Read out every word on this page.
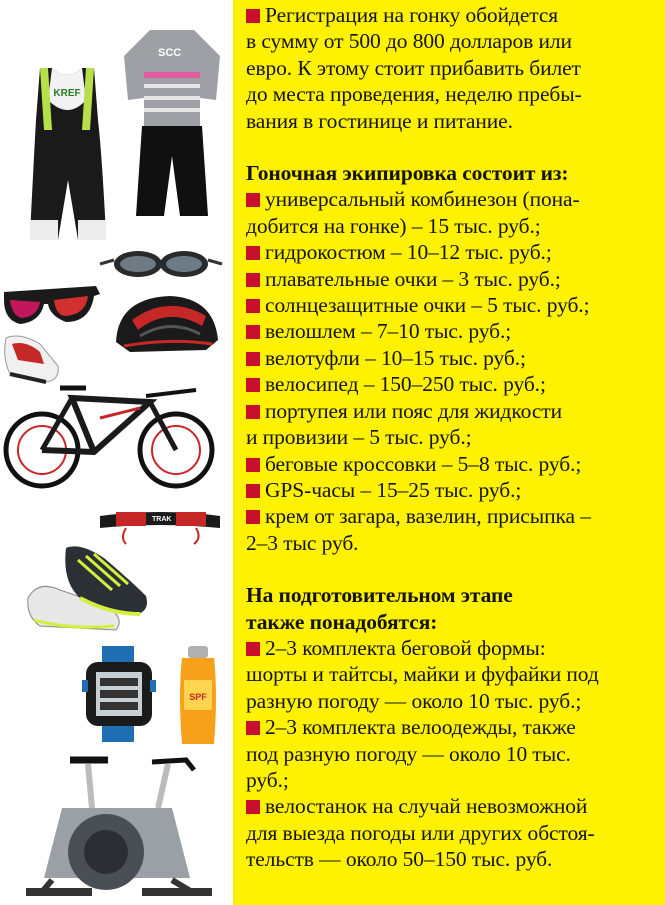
KREF
SCC
TRAK
SPF

Регистрация на гонку обойдется

в сумму от 500 до 800 долларов или

евро. К этому стоит прибавить билет

до места проведения, неделю пребы-

вания в гостинице и питание.

Гоночная экипировка состоит из:

универсальный комбинезон (пона-

добится на гонке) – 15 тыс. руб.;

гидрокостюм – 10–12 тыс. руб.;

плавательные очки – 3 тыс. руб.;

солнцезащитные очки – 5 тыс. руб.;

велошлем – 7–10 тыс. руб.;

велотуфли – 10–15 тыс. руб.;

велосипед – 150–250 тыс. руб.;

портупея или пояс для жидкости

и провизии – 5 тыс. руб.;

беговые кроссовки – 5–8 тыс. руб.;

GPS-часы – 15–25 тыс. руб.;

крем от загара, вазелин, присыпка –

2–3 тыс руб.

На подготовительном этапе

также понадобятся:

2–3 комплекта беговой формы:

шорты и тайтсы, майки и фуфайки под

разную погоду — около 10 тыс. руб.;

2–3 комплекта велоодежды, также

под разную погоду — около 10 тыс.

руб.;

велостанок на случай невозможной

для выезда погоды или других обстоя-

тельств — около 50–150 тыс. руб.
